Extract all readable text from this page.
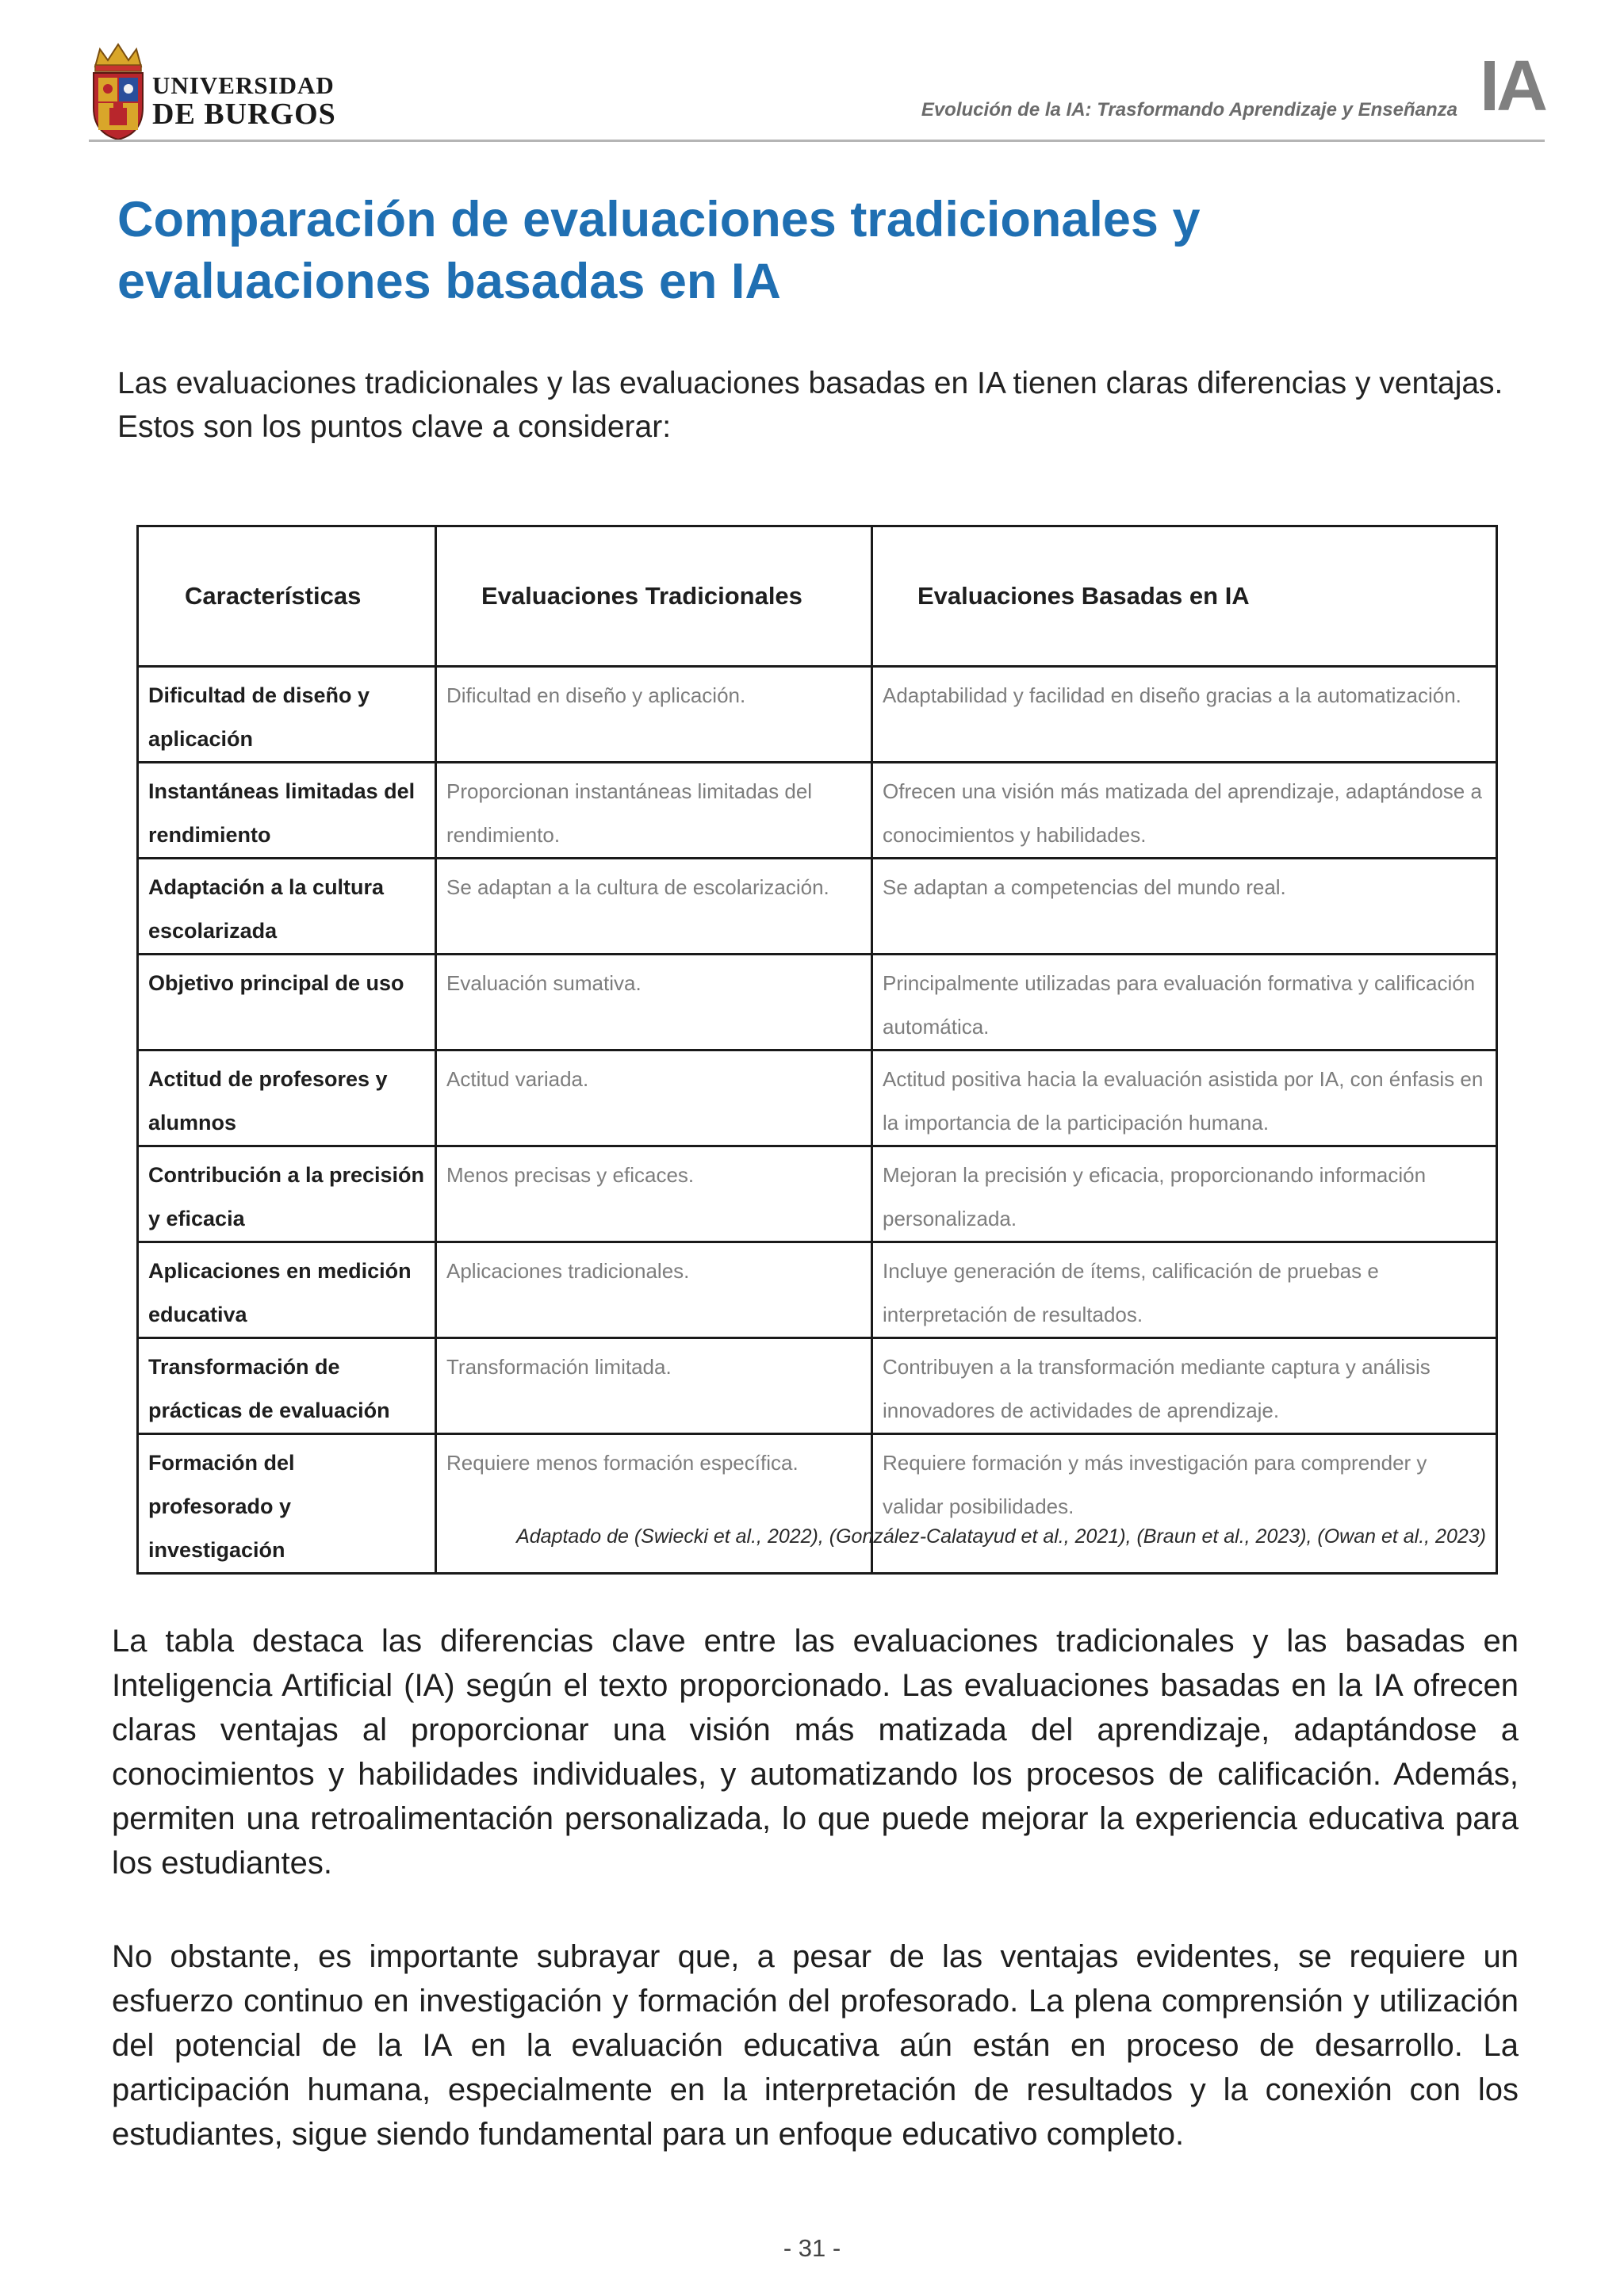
UNIVERSIDAD
DE BURGOS	Evolución de la IA: Trasformando Aprendizaje y Enseñanza IA
Comparación de evaluaciones tradicionales y evaluaciones basadas en IA

Las evaluaciones tradicionales y las evaluaciones basadas en IA tienen claras diferencias y ventajas. Estos son los puntos clave a considerar:

Características	Evaluaciones Tradicionales	Evaluaciones Basadas en IA
Dificultad de diseño y aplicación	Dificultad en diseño y aplicación.	Adaptabilidad y facilidad en diseño gracias a la automatización.
Instantáneas limitadas del rendimiento	Proporcionan instantáneas limitadas del rendimiento.	Ofrecen una visión más matizada del aprendizaje, adaptándose a conocimientos y habilidades.
Adaptación a la cultura escolarizada	Se adaptan a la cultura de escolarización.	Se adaptan a competencias del mundo real.
Objetivo principal de uso	Evaluación sumativa.	Principalmente utilizadas para evaluación formativa y calificación automática.
Actitud de profesores y alumnos	Actitud variada.	Actitud positiva hacia la evaluación asistida por IA, con énfasis en la importancia de la participación humana.
Contribución a la precisión y eficacia	Menos precisas y eficaces.	Mejoran la precisión y eficacia, proporcionando información personalizada.
Aplicaciones en medición educativa	Aplicaciones tradicionales.	Incluye generación de ítems, calificación de pruebas e interpretación de resultados.
Transformación de prácticas de evaluación	Transformación limitada.	Contribuyen a la transformación mediante captura y análisis innovadores de actividades de aprendizaje.
Formación del profesorado y investigación	Requiere menos formación específica.	Requiere formación y más investigación para comprender y validar posibilidades.
Adaptado de (Swiecki et al., 2022), (González-Calatayud et al., 2021), (Braun et al., 2023), (Owan et al., 2023)

La tabla destaca las diferencias clave entre las evaluaciones tradicionales y las basadas en Inteligencia Artificial (IA) según el texto proporcionado. Las evaluaciones basadas en la IA ofrecen claras ventajas al proporcionar una visión más matizada del aprendizaje, adaptándose a conocimientos y habilidades individuales, y automatizando los procesos de calificación. Además, permiten una retroalimentación personalizada, lo que puede mejorar la experiencia educativa para los estudiantes.

No obstante, es importante subrayar que, a pesar de las ventajas evidentes, se requiere un esfuerzo continuo en investigación y formación del profesorado. La plena comprensión y utilización del potencial de la IA en la evaluación educativa aún están en proceso de desarrollo. La participación humana, especialmente en la interpretación de resultados y la conexión con los estudiantes, sigue siendo fundamental para un enfoque educativo completo.

- 31 -
